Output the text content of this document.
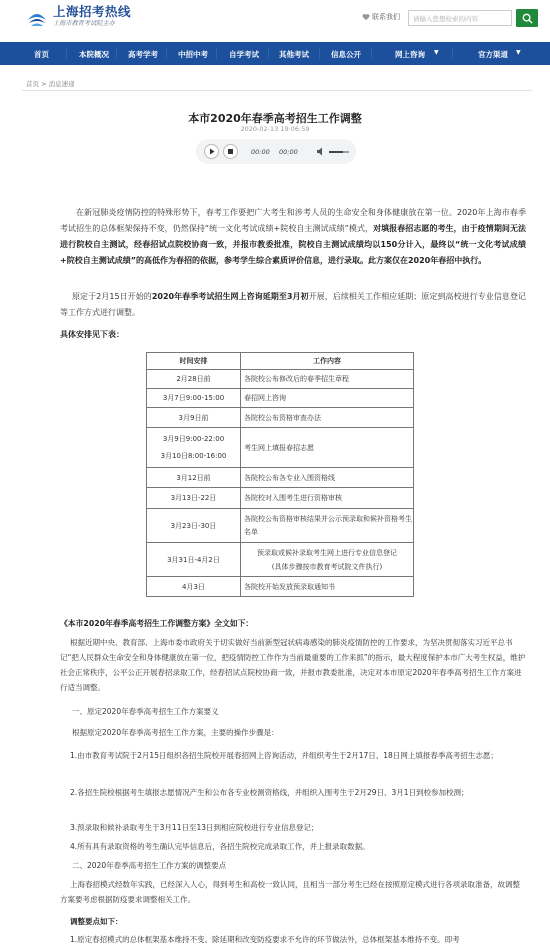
上海招考热线
上海市教育考试院主办
联系我们	请输入您想检索的内容
首页	本院概况	高考学考	中招中考	自学考试	其他考试	信息公开	网上咨询 ▼	官方渠道 ▼
首页 > 消息速递
本市2020年春季高考招生工作调整
2020-02-13 19:06:59
00:00 00:00
在新冠肺炎疫情防控的特殊形势下，春考工作要把广大考生和涉考人员的生命安全和身体健康放在第一位。2020年上海市春季考试招生的总体框架保持不变，仍然保持“统一文化考试成绩+院校自主测试成绩”模式，对填报春招志愿的考生，由于疫情期间无法进行院校自主测试，经春招试点院校协商一致，并报市教委批准，院校自主测试成绩均以150分计入，最终以“统一文化考试成绩+院校自主测试成绩”的高低作为春招的依据，参考学生综合素质评价信息，进行录取。此方案仅在2020年春招中执行。
原定于2月15日开始的2020年春季考试招生网上咨询延期至3月初开展，后续相关工作相应延期；原定到高校进行专业信息登记等工作方式进行调整。
具体安排见下表：
时间安排	工作内容
2月28日前	各院校公布修改后的春季招生章程
3月7日9:00-15:00	春招网上咨询
3月9日前	各院校公布资格审查办法

3月9日9:00-22:00
3月10日8:00-16:00	考生网上填报春招志愿
3月12日前	各院校公布各专业入围资格线
3月13日-22日	各院校对入围考生进行资格审核
3月23日-30日	各院校公布资格审核结果并公示预录取和候补资格考生名单
3月31日-4月2日	预录取或候补录取考生网上进行专业信息登记
(具体步骤按市教育考试院文件执行)

4月3日	各院校开始发放预录取通知书
《本市2020年春季高考招生工作调整方案》全文如下：
根据近期中央、教育部、上海市委市政府关于切实做好当前新型冠状病毒感染的肺炎疫情防控的工作要求，为坚决贯彻落实习近平总书记“把人民群众生命安全和身体健康放在第一位，把疫情防控工作作为当前最重要的工作来抓”的指示，最大程度保护本市广大考生权益，维护社会正常秩序，公平公正开展春招录取工作，经春招试点院校协商一致，并报市教委批准，决定对本市原定2020年春季高考招生工作方案进行适当调整。
一、原定2020年春季高考招生工作方案要义
根据原定2020年春季高考招生工作方案，主要的操作步骤是：
1.由市教育考试院于2月15日组织各招生院校开展春招网上咨询活动，并组织考生于2月17日、18日网上填报春季高考招生志愿；
2.各招生院校根据考生填报志愿情况产生和公布各专业校测资格线，并组织入围考生于2月29日、3月1日到校参加校测；
3.预录取和候补录取考生于3月11日至13日到相应院校进行专业信息登记；
4.所有具有录取资格的考生确认完毕信息后，各招生院校完成录取工作，并上报录取数据。
二、2020年春季高考招生工作方案的调整要点
上海春招模式经数年实践，已经深入人心，得到考生和高校一致认同，且相当一部分考生已经在按照原定模式进行各项录取准备，故调整方案要考虑根据防疫要求调整相关工作。
调整要点如下：
1.原定春招模式的总体框架基本维持不变。除延期和改变防疫要求不允许的环节做法外，总体框架基本维持不变。即考
